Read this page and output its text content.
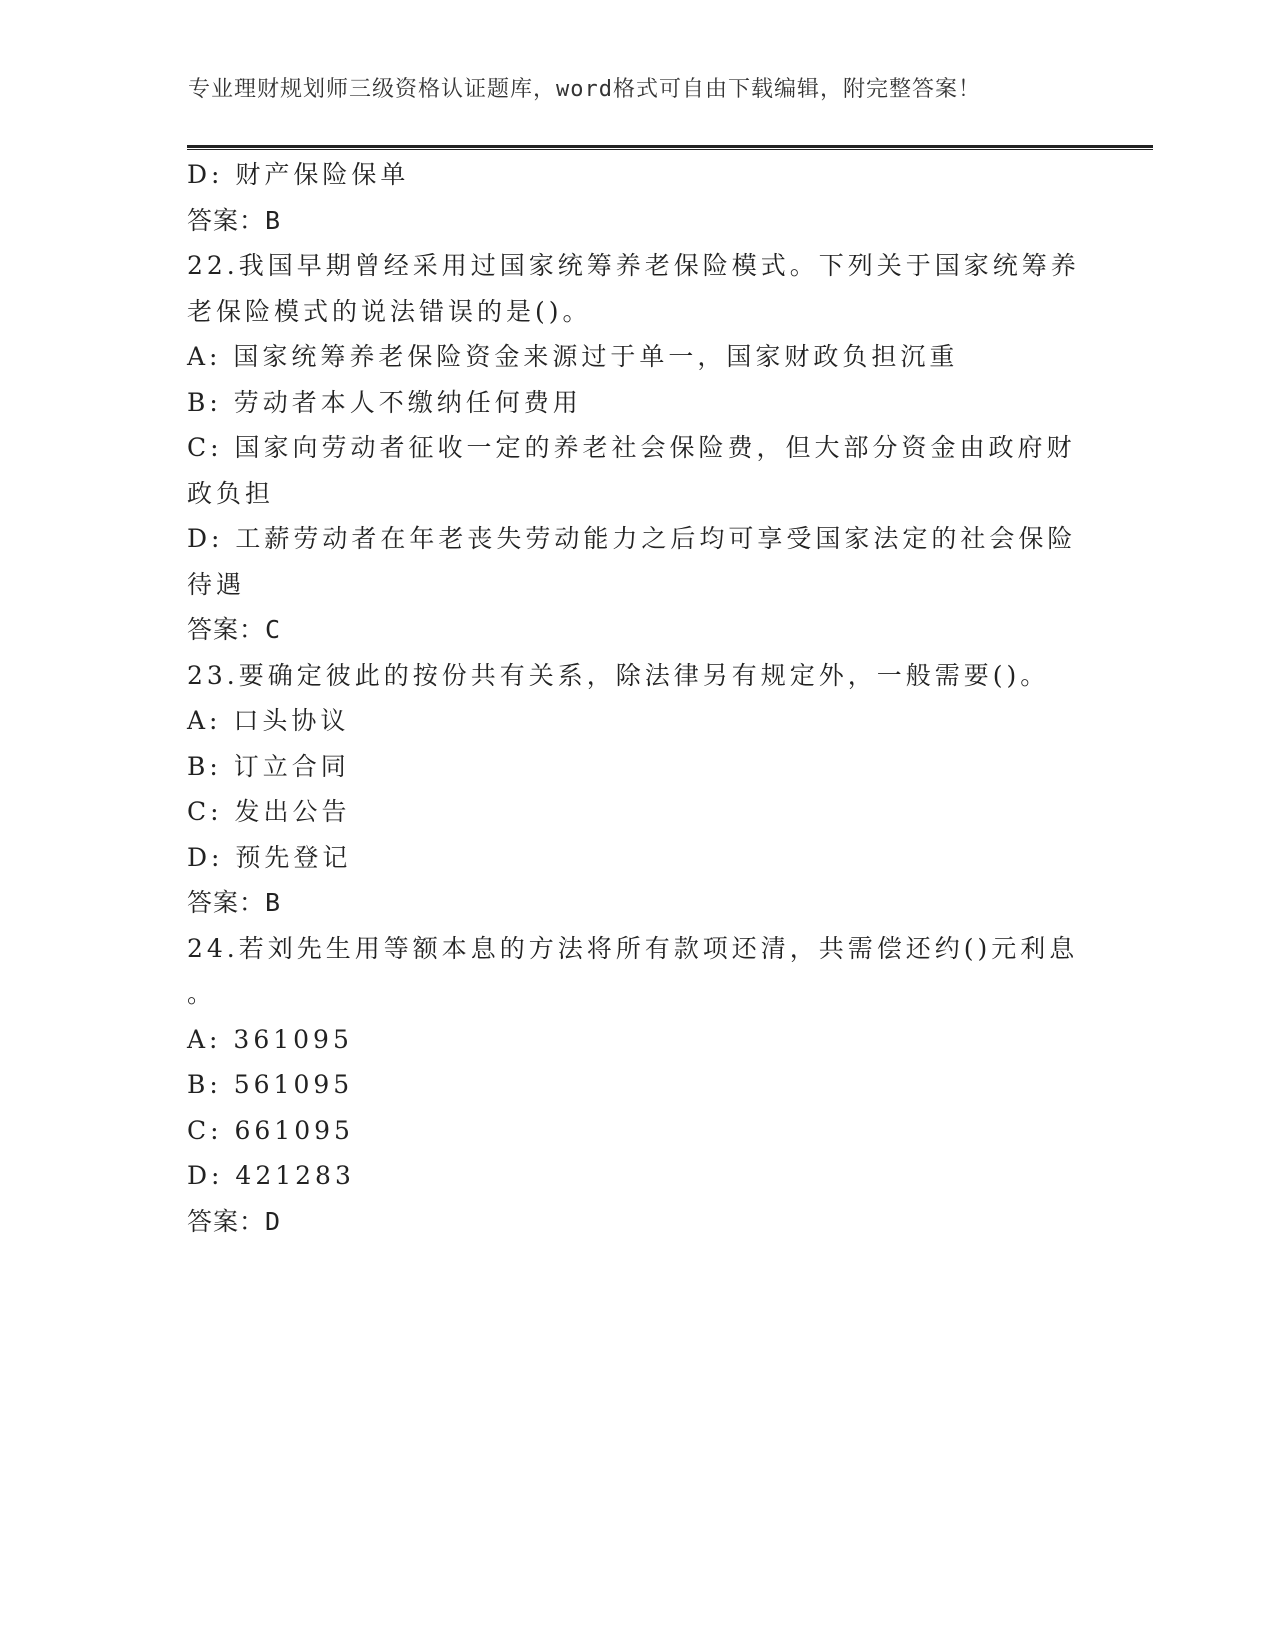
专业理财规划师三级资格认证题库，word格式可自由下载编辑，附完整答案！

D: 财产保险保单

答案：B

22.我国早期曾经采用过国家统筹养老保险模式。下列关于国家统筹养

老保险模式的说法错误的是()。

A: 国家统筹养老保险资金来源过于单一，国家财政负担沉重

B: 劳动者本人不缴纳任何费用

C: 国家向劳动者征收一定的养老社会保险费，但大部分资金由政府财

政负担

D: 工薪劳动者在年老丧失劳动能力之后均可享受国家法定的社会保险

待遇

答案：C

23.要确定彼此的按份共有关系，除法律另有规定外，一般需要()。

A: 口头协议

B: 订立合同

C: 发出公告

D: 预先登记

答案：B

24.若刘先生用等额本息的方法将所有款项还清，共需偿还约()元利息

。

A: 361095

B: 561095

C: 661095

D: 421283

答案：D
